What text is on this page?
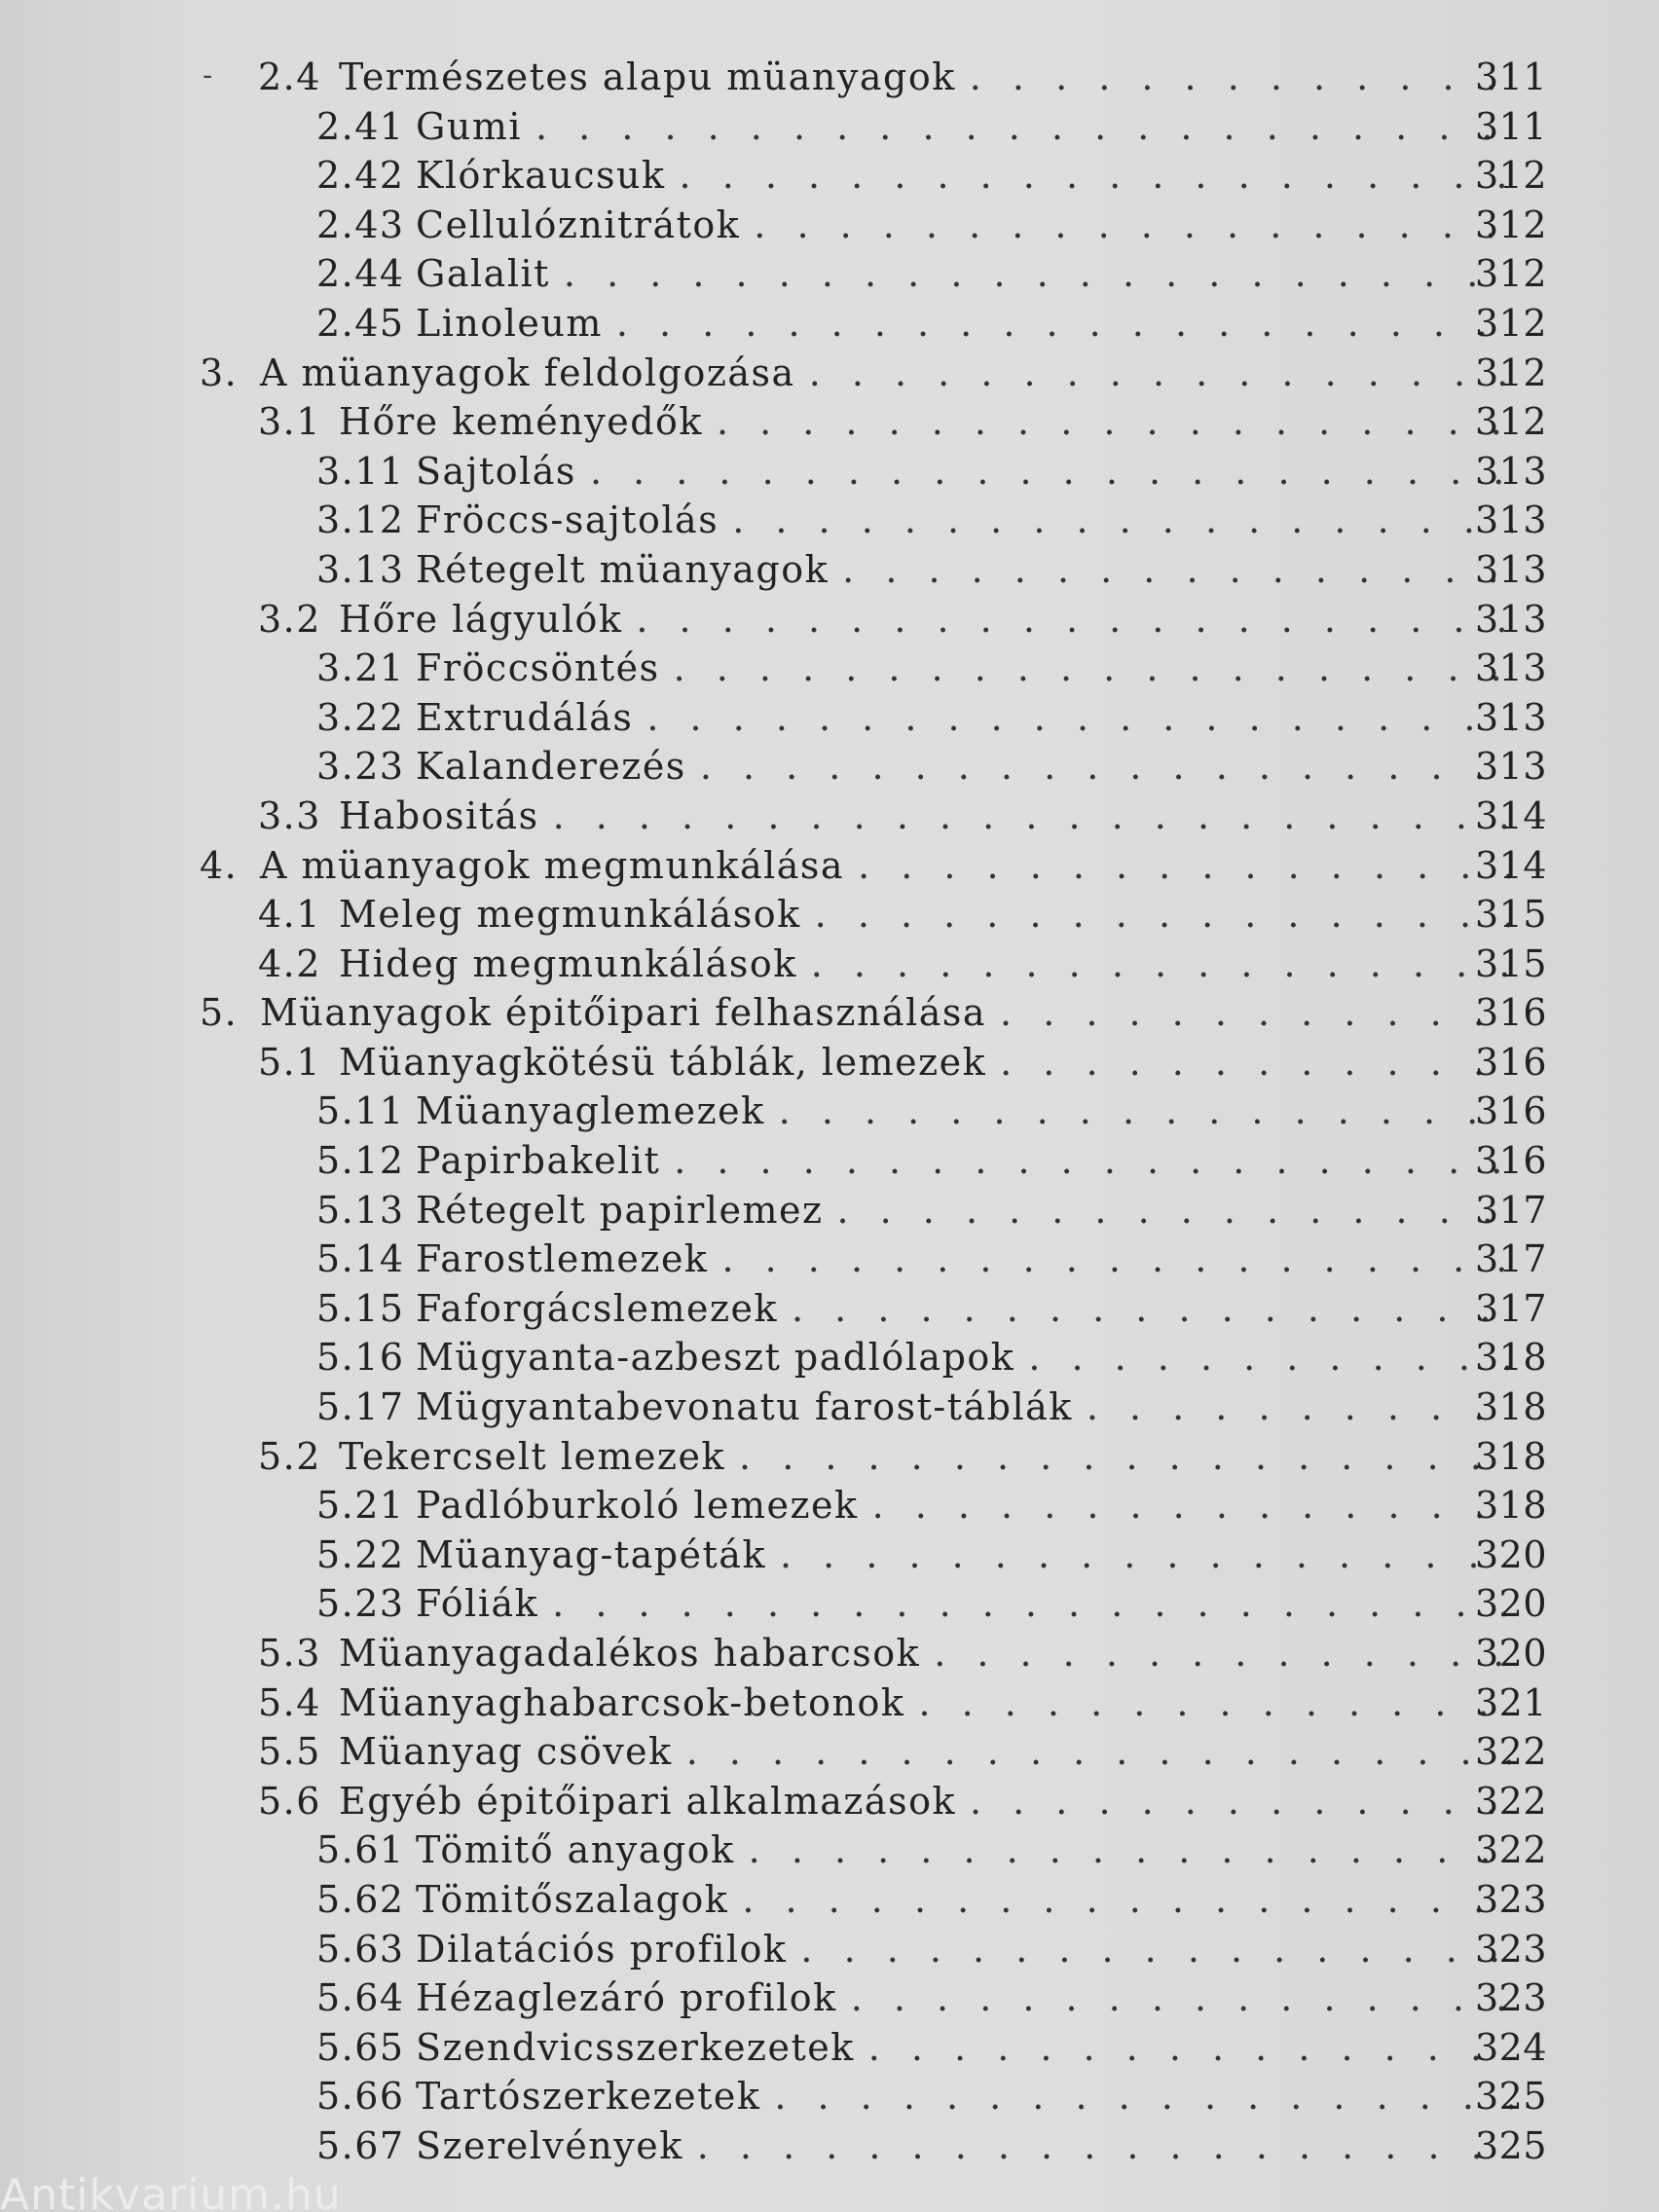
- 2.4 Természetes alapu müanyagok . . .	311
2.41 Gumi . . .	311
2.42 Klórkaucsuk . . .	312
2.43 Cellulóznitrátok . . .	312
2.44 Galalit . . .	312
2.45 Linoleum . . .	312
3. A müanyagok feldolgozása . . .	312
3.1 Hőre keményedők . . .	312
3.11 Sajtolás . . .	313
3.12 Fröccs-sajtolás . . .	313
3.13 Rétegelt müanyagok . . .	313
3.2 Hőre lágyulók . . .	313
3.21 Fröccsöntés . . .	313
3.22 Extrudálás . . .	313
3.23 Kalanderezés . . .	313
3.3 Habositás . . .	314
4. A müanyagok megmunkálása . . .	314
4.1 Meleg megmunkálások . . .	315
4.2 Hideg megmunkálások . . .	315
5. Müanyagok épitőipari felhasználása . . .	316
5.1 Müanyagkötésü táblák, lemezek . . .	316
5.11 Müanyaglemezek . . .	316
5.12 Papirbakelit . . .	316
5.13 Rétegelt papirlemez . . .	317
5.14 Farostlemezek . . .	317
5.15 Faforgácslemezek . . .	317
5.16 Mügyanta-azbeszt padlólapok . . .	318
5.17 Mügyantabevonatu farost-táblák . . .	318
5.2 Tekercselt lemezek . . .	318
5.21 Padlóburkoló lemezek . . .	318
5.22 Müanyag-tapéták . . .	320
5.23 Fóliák . . .	320
5.3 Müanyagadalékos habarcsok . . .	320
5.4 Müanyaghabarcsok-betonok . . .	321
5.5 Müanyag csövek . . .	322
5.6 Egyéb épitőipari alkalmazások . . .	322
5.61 Tömitő anyagok . . .	322
5.62 Tömitőszalagok . . .	323
5.63 Dilatációs profilok . . .	323
5.64 Hézaglezáró profilok . . .	323
5.65 Szendvicsszerkezetek . . .	324
5.66 Tartószerkezetek . . .	325
5.67 Szerelvények . . .	325
Antikvarium.hu
